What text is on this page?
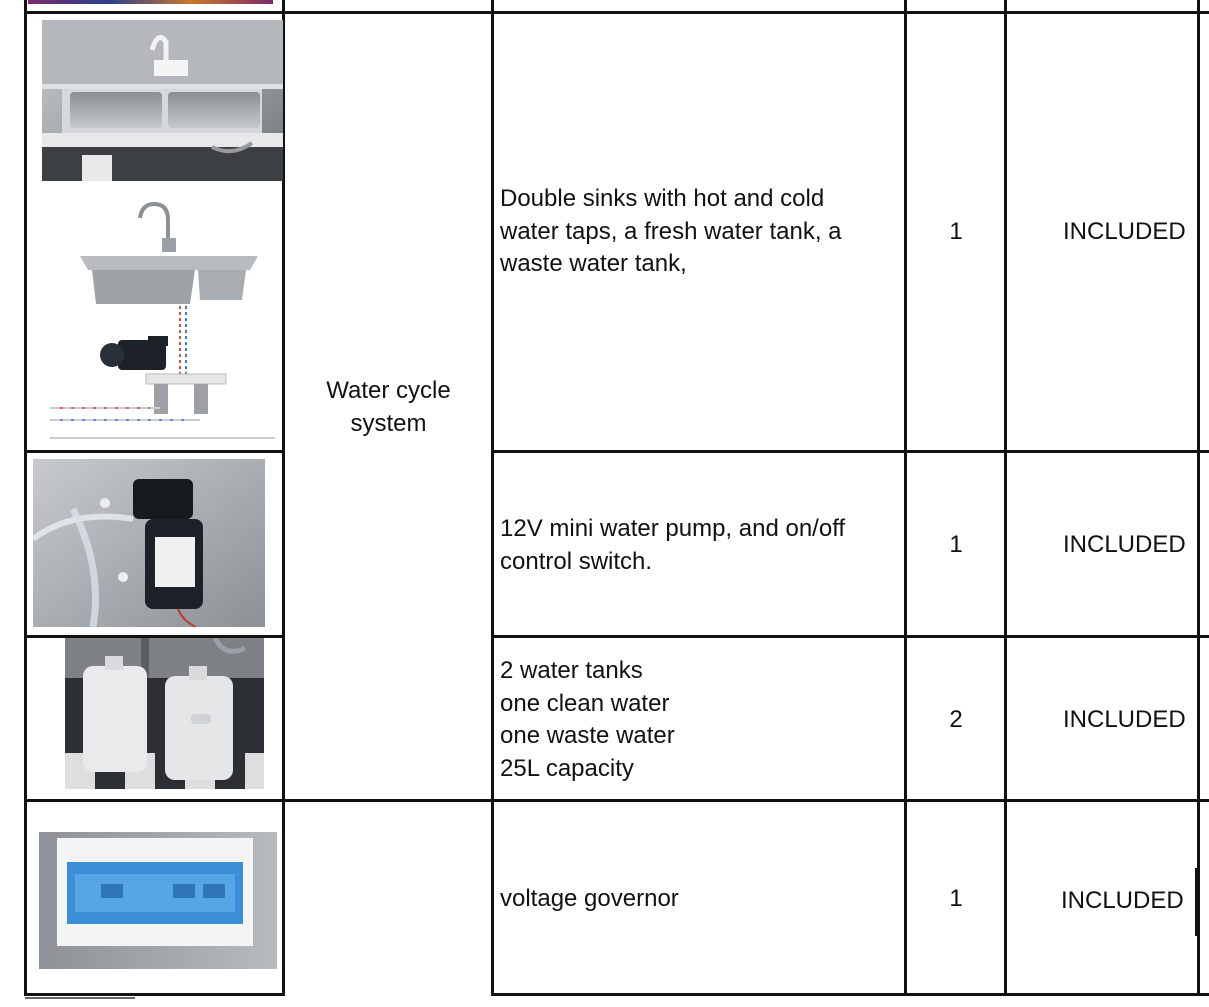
Water cycle
system
Double sinks with hot and cold
water taps, a fresh water tank, a
waste water tank,
1	INCLUDED
12V mini water pump, and on/off
control switch.
1	INCLUDED
2 water tanks
one clean water
one waste water
25L capacity
2	INCLUDED
voltage governor	1	INCLUDED
